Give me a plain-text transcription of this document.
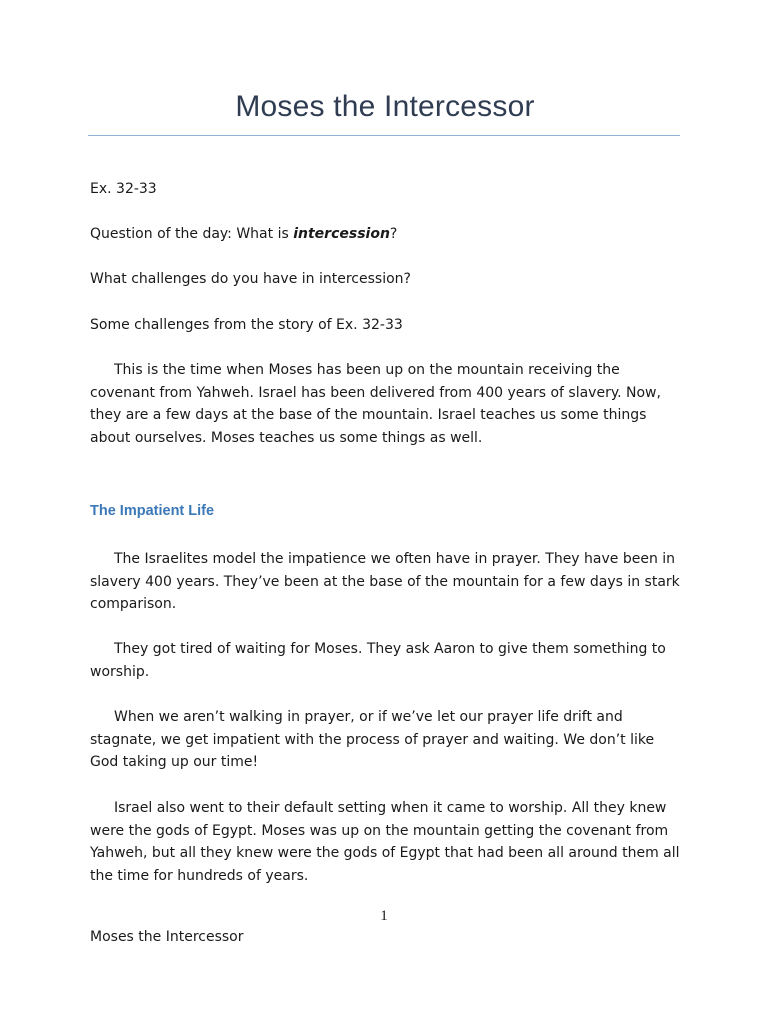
Moses the Intercessor

Ex. 32-33

Question of the day: What is intercession?

What challenges do you have in intercession?

Some challenges from the story of Ex. 32-33

This is the time when Moses has been up on the mountain receiving the covenant from Yahweh. Israel has been delivered from 400 years of slavery. Now, they are a few days at the base of the mountain. Israel teaches us some things about ourselves. Moses teaches us some things as well.

The Impatient Life

The Israelites model the impatience we often have in prayer. They have been in slavery 400 years. They’ve been at the base of the mountain for a few days in stark comparison.

They got tired of waiting for Moses. They ask Aaron to give them something to worship.

When we aren’t walking in prayer, or if we’ve let our prayer life drift and stagnate, we get impatient with the process of prayer and waiting. We don’t like God taking up our time!

Israel also went to their default setting when it came to worship. All they knew were the gods of Egypt. Moses was up on the mountain getting the covenant from Yahweh, but all they knew were the gods of Egypt that had been all around them all the time for hundreds of years.

1
Moses the Intercessor
